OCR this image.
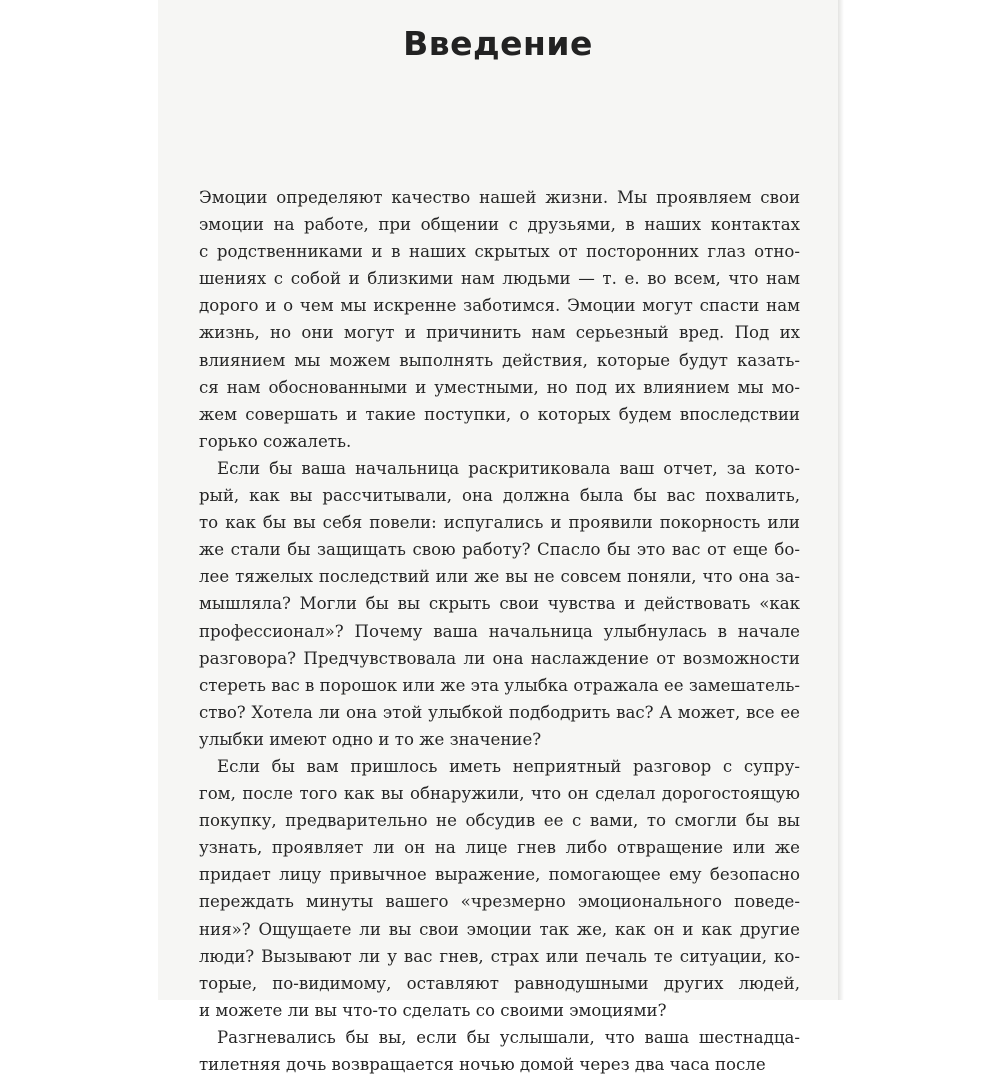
Введение

Эмоции определяют качество нашей жизни. Мы проявляем свои
эмоции на работе, при общении с друзьями, в наших контактах
с родственниками и в наших скрытых от посторонних глаз отно-
шениях с собой и близкими нам людьми — т. е. во всем, что нам
дорого и о чем мы искренне заботимся. Эмоции могут спасти нам
жизнь, но они могут и причинить нам серьезный вред. Под их
влиянием мы можем выполнять действия, которые будут казать-
ся нам обоснованными и уместными, но под их влиянием мы мо-
жем совершать и такие поступки, о которых будем впоследствии
горько сожалеть.

Если бы ваша начальница раскритиковала ваш отчет, за кото-
рый, как вы рассчитывали, она должна была бы вас похвалить,
то как бы вы себя повели: испугались и проявили покорность или
же стали бы защищать свою работу? Спасло бы это вас от еще бо-
лее тяжелых последствий или же вы не совсем поняли, что она за-
мышляла? Могли бы вы скрыть свои чувства и действовать «как
профессионал»? Почему ваша начальница улыбнулась в начале
разговора? Предчувствовала ли она наслаждение от возможности
стереть вас в порошок или же эта улыбка отражала ее замешатель-
ство? Хотела ли она этой улыбкой подбодрить вас? А может, все ее
улыбки имеют одно и то же значение?

Если бы вам пришлось иметь неприятный разговор с супру-
гом, после того как вы обнаружили, что он сделал дорогостоящую
покупку, предварительно не обсудив ее с вами, то смогли бы вы
узнать, проявляет ли он на лице гнев либо отвращение или же
придает лицу привычное выражение, помогающее ему безопасно
переждать минуты вашего «чрезмерно эмоционального поведе-
ния»? Ощущаете ли вы свои эмоции так же, как он и как другие
люди? Вызывают ли у вас гнев, страх или печаль те ситуации, ко-
торые, по-видимому, оставляют равнодушными других людей,
и можете ли вы что-то сделать со своими эмоциями?

Разгневались бы вы, если бы услышали, что ваша шестнадца-
тилетняя дочь возвращается ночью домой через два часа после
